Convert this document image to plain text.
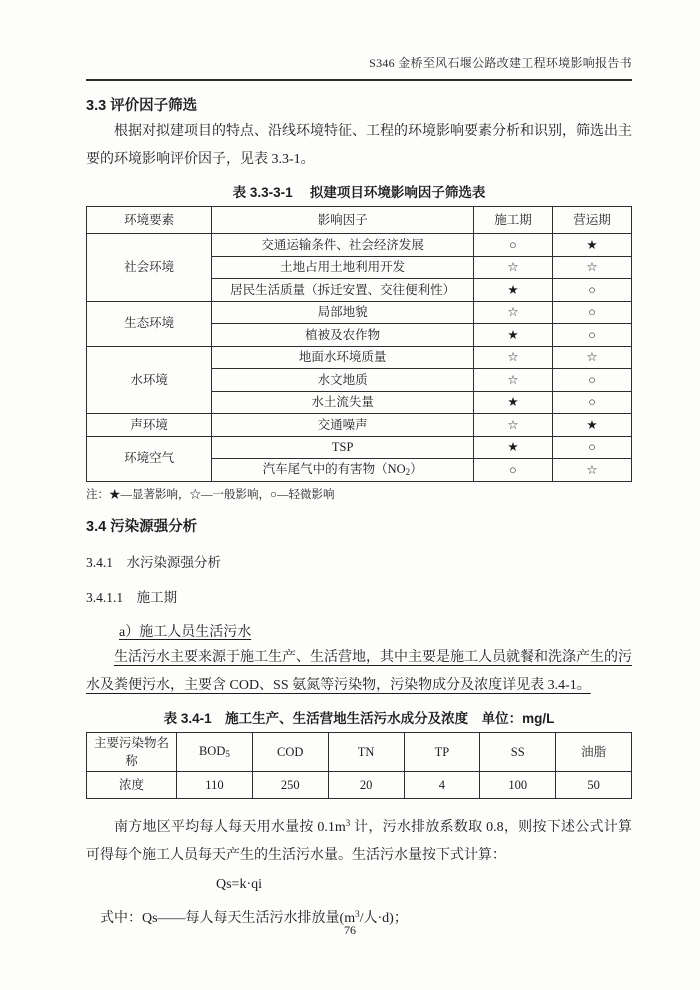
S346 金桥至风石堰公路改建工程环境影响报告书
3.3 评价因子筛选

根据对拟建项目的特点、沿线环境特征、工程的环境影响要素分析和识别，筛选出主要的环境影响评价因子，见表 3.3-1。

表 3.3-3-1　 拟建项目环境影响因子筛选表
环境要素	影响因子	施工期	营运期
社会环境	交通运输条件、社会经济发展	○	★
	土地占用土地利用开发	☆	☆
	居民生活质量（拆迁安置、交往便利性）	★	○
生态环境	局部地貌	☆	○
	植被及农作物	★	○
水环境	地面水环境质量	☆	☆
	水文地质	☆	○
	水土流失量	★	○
声环境	交通噪声	☆	★
环境空气	TSP	★	○
	汽车尾气中的有害物$(NO_2)$	○	☆
注：★—显著影响，☆—一般影响，○—轻微影响
3.4 污染源强分析
3.4.1　水污染源强分析
3.4.1.1　施工期
a）施工人员生活污水

生活污水主要来源于施工生产、生活营地，其中主要是施工人员就餐和洗涤产生的污水及粪便污水，主要含 COD、SS 氨氮等污染物，污染物成分及浓度详见表 3.4-1。

表 3.4-1　施工生产、生活营地生活污水成分及浓度　单位：mg/L
主要污染物名称	$BOD_5$	COD	TN	TP	SS	油脂
浓度	110	250	20	4	100	50

南方地区平均每人每天用水量按 $0.1m^3$ 计，污水排放系数取 0.8，则按下述公式计算可得每个施工人员每天产生的生活污水量。生活污水量按下式计算：

Qs=k·qi

式中：Qs——每人每天生活污水排放量($m^3/$人·d)；

76
